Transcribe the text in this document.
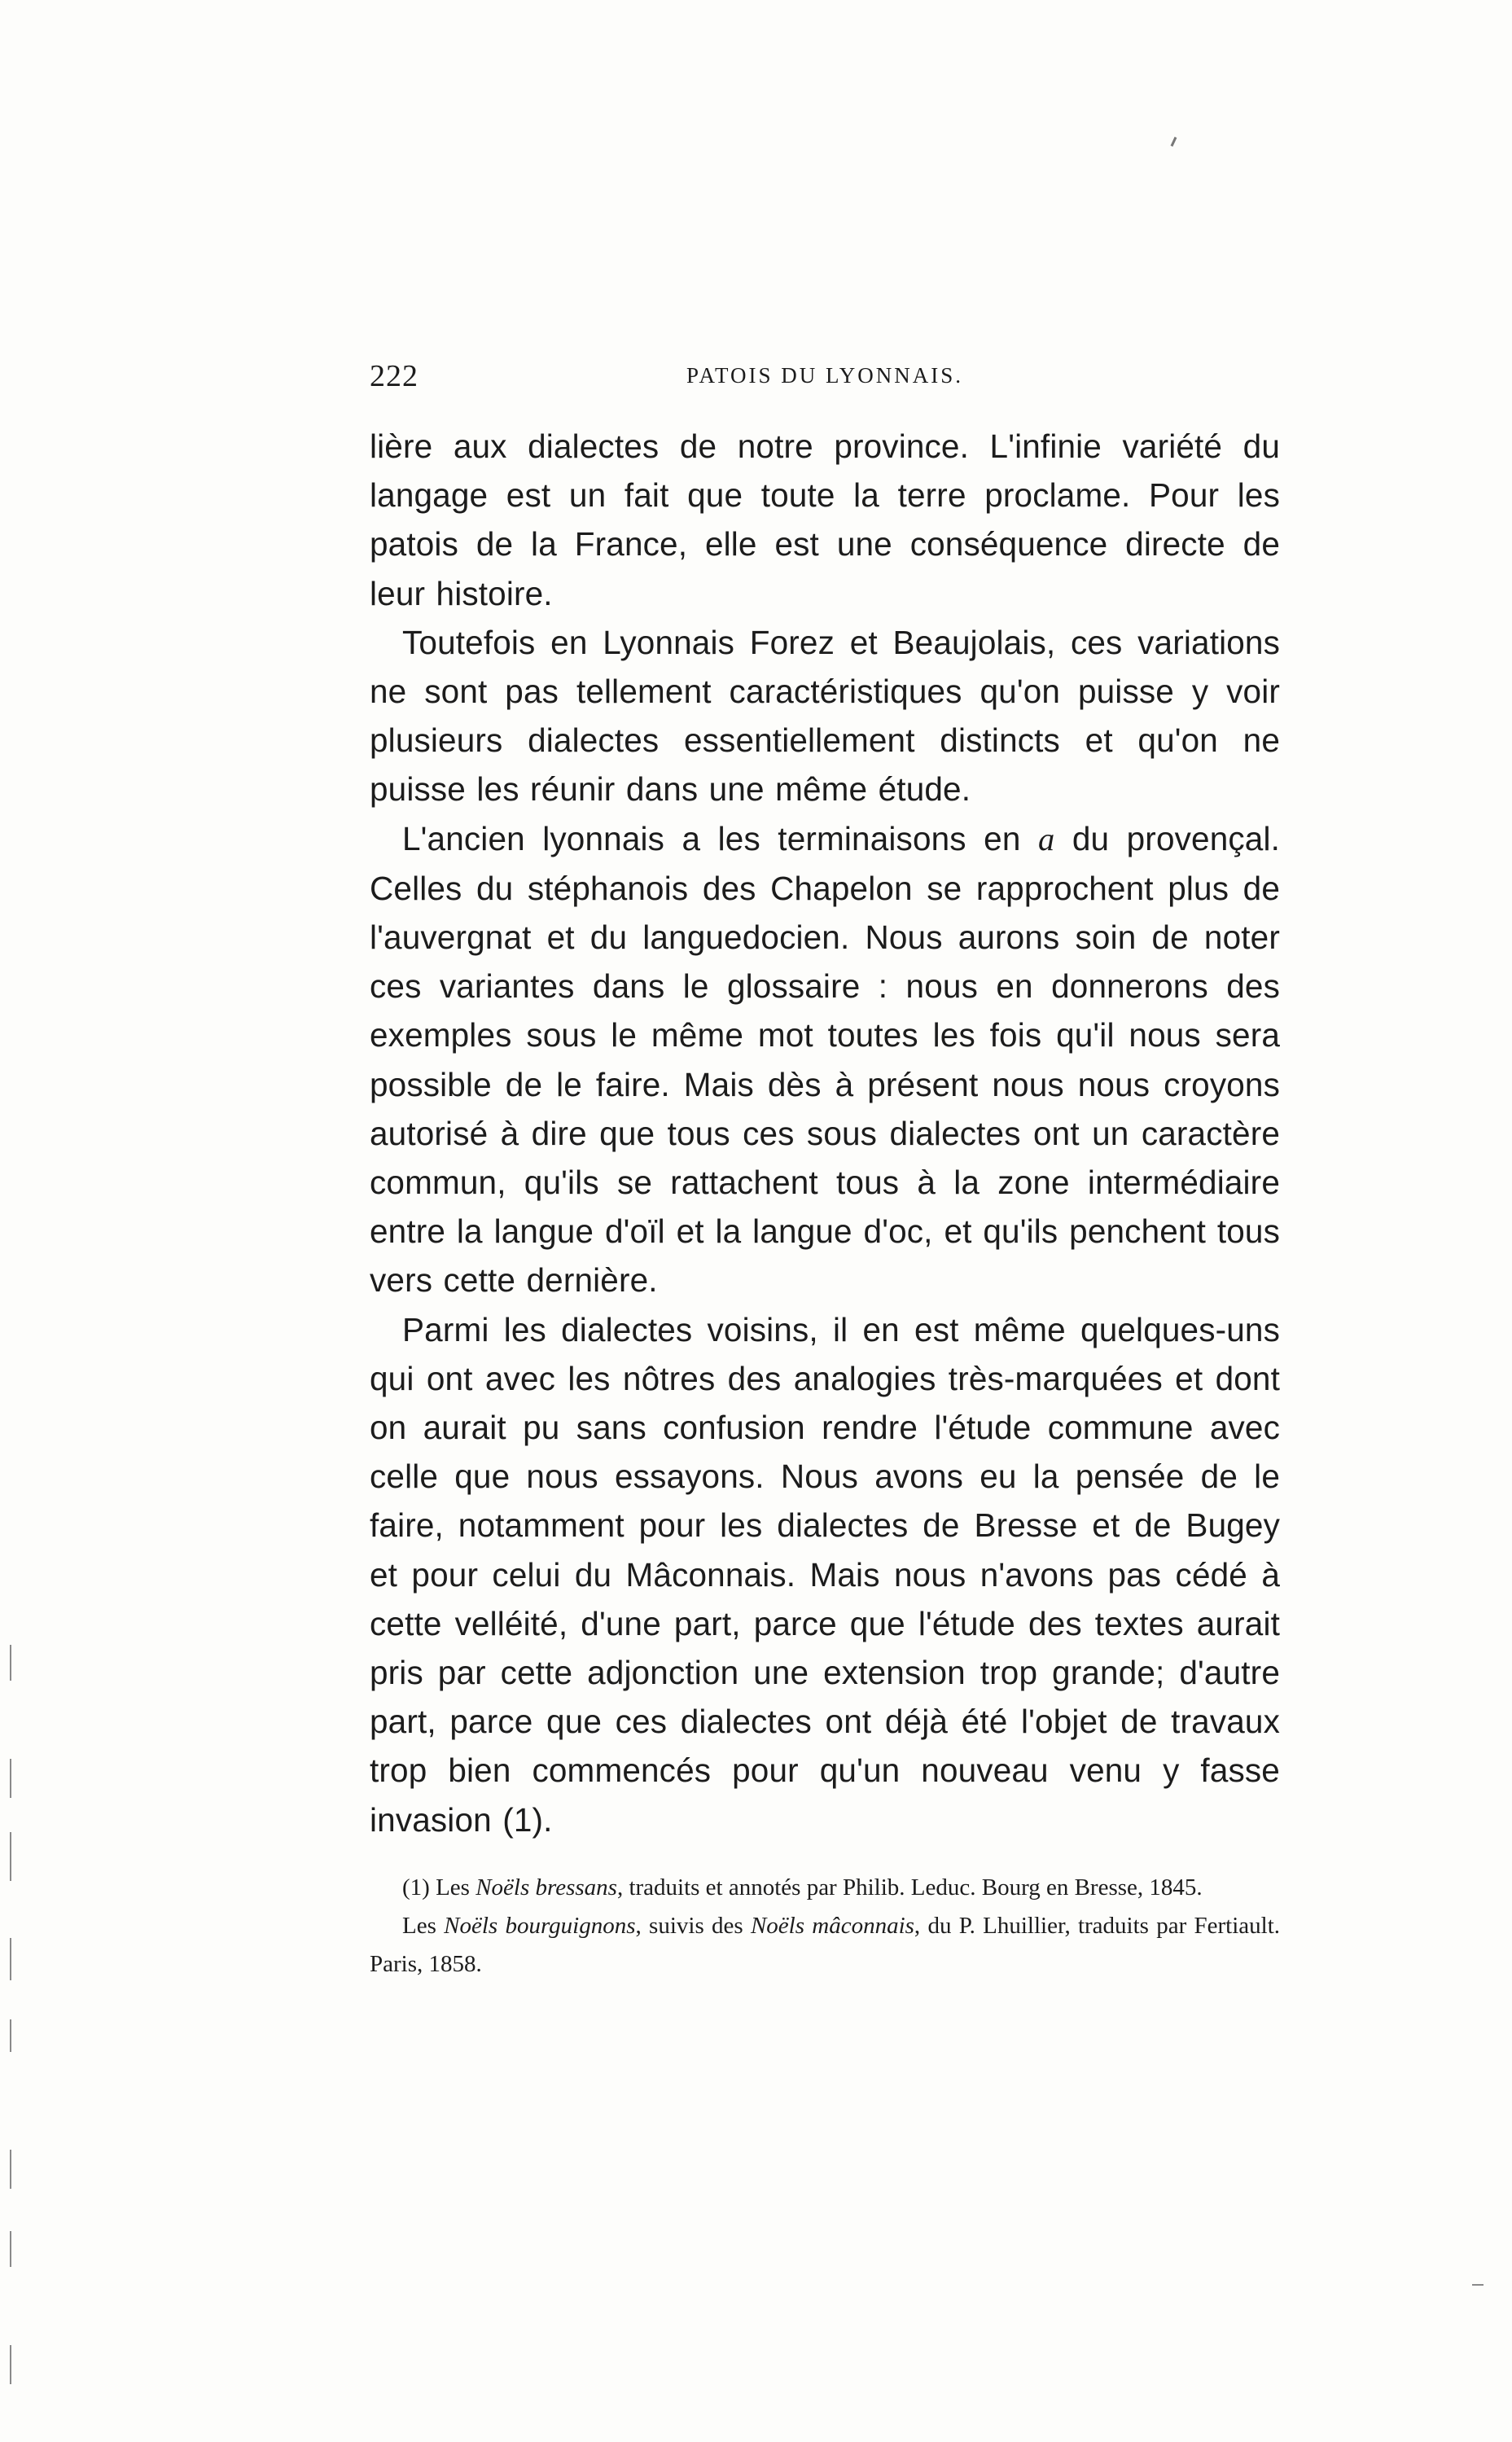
222	PATOIS DU LYONNAIS.

lière aux dialectes de notre province. L'infinie variété du langage est un fait que toute la terre proclame. Pour les patois de la France, elle est une conséquence directe de leur histoire.

Toutefois en Lyonnais Forez et Beaujolais, ces variations ne sont pas tellement caractéristiques qu'on puisse y voir plusieurs dialectes essentiellement distincts et qu'on ne puisse les réunir dans une même étude.

L'ancien lyonnais a les terminaisons en a du provençal. Celles du stéphanois des Chapelon se rapprochent plus de l'auvergnat et du languedocien. Nous aurons soin de noter ces variantes dans le glossaire : nous en donnerons des exemples sous le même mot toutes les fois qu'il nous sera possible de le faire. Mais dès à présent nous nous croyons autorisé à dire que tous ces sous dialectes ont un caractère commun, qu'ils se rattachent tous à la zone intermédiaire entre la langue d'oïl et la langue d'oc, et qu'ils penchent tous vers cette dernière.

Parmi les dialectes voisins, il en est même quelques-uns qui ont avec les nôtres des analogies très-marquées et dont on aurait pu sans confusion rendre l'étude commune avec celle que nous essayons. Nous avons eu la pensée de le faire, notamment pour les dialectes de Bresse et de Bugey et pour celui du Mâconnais. Mais nous n'avons pas cédé à cette velléité, d'une part, parce que l'étude des textes aurait pris par cette adjonction une extension trop grande; d'autre part, parce que ces dialectes ont déjà été l'objet de travaux trop bien commencés pour qu'un nouveau venu y fasse invasion (1).

(1) Les Noëls bressans, traduits et annotés par Philib. Leduc. Bourg en Bresse, 1845.

Les Noëls bourguignons, suivis des Noëls mâconnais, du P. Lhuillier, traduits par Fertiault. Paris, 1858.
